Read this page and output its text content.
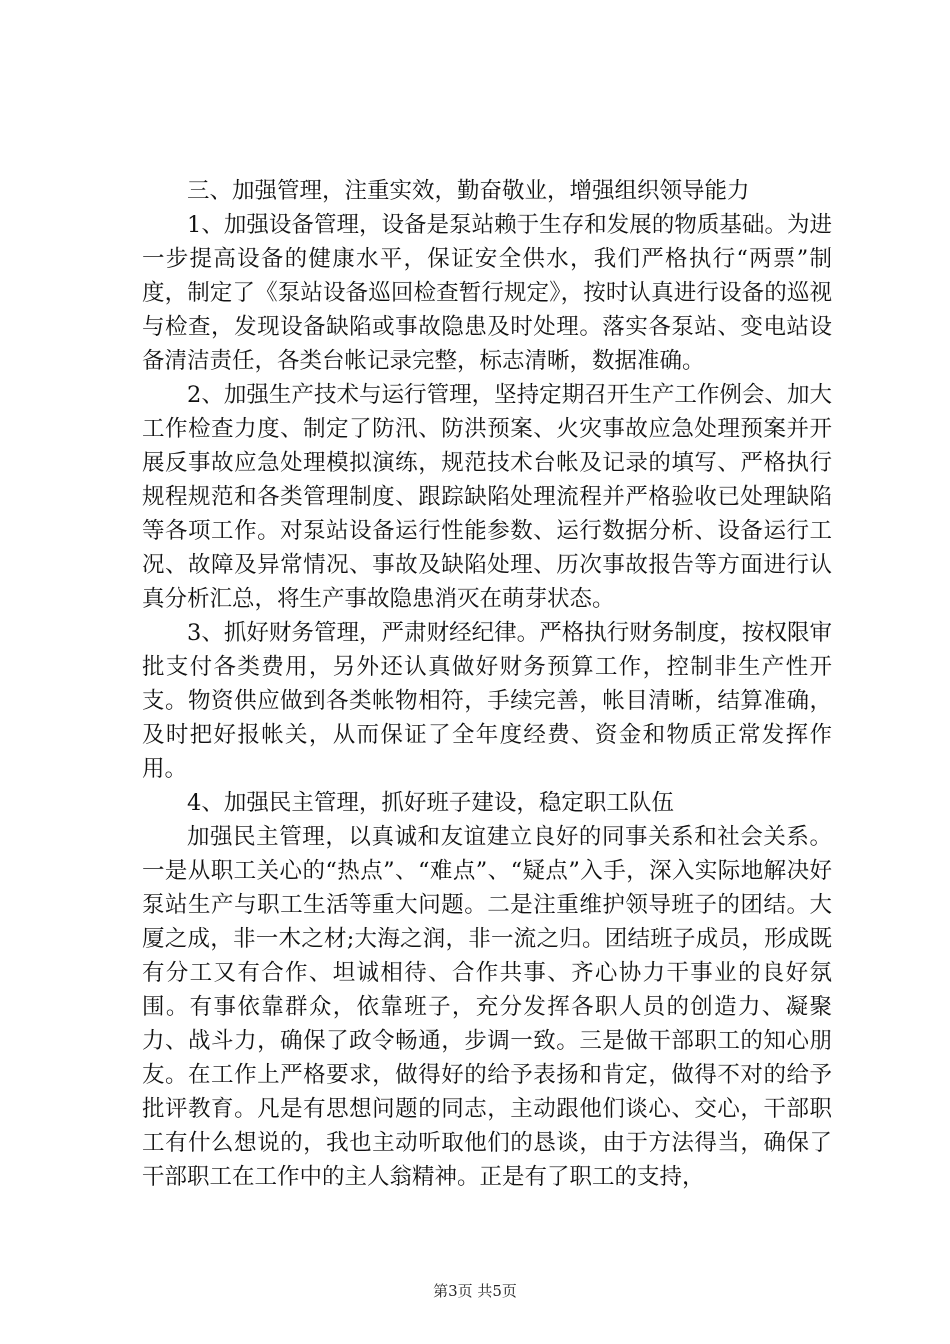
三、加强管理，注重实效，勤奋敬业，增强组织领导能力

1、加强设备管理，设备是泵站赖于生存和发展的物质基础。为进一步提高设备的健康水平，保证安全供水，我们严格执行“两票”制度，制定了《泵站设备巡回检查暂行规定》，按时认真进行设备的巡视与检查，发现设备缺陷或事故隐患及时处理。落实各泵站、变电站设备清洁责任，各类台帐记录完整，标志清晰，数据准确。

2、加强生产技术与运行管理，坚持定期召开生产工作例会、加大工作检查力度、制定了防汛、防洪预案、火灾事故应急处理预案并开展反事故应急处理模拟演练，规范技术台帐及记录的填写、严格执行规程规范和各类管理制度、跟踪缺陷处理流程并严格验收已处理缺陷等各项工作。对泵站设备运行性能参数、运行数据分析、设备运行工况、故障及异常情况、事故及缺陷处理、历次事故报告等方面进行认真分析汇总，将生产事故隐患消灭在萌芽状态。

3、抓好财务管理，严肃财经纪律。严格执行财务制度，按权限审批支付各类费用，另外还认真做好财务预算工作，控制非生产性开支。物资供应做到各类帐物相符，手续完善，帐目清晰，结算准确，及时把好报帐关，从而保证了全年度经费、资金和物质正常发挥作用。

4、加强民主管理，抓好班子建设，稳定职工队伍

加强民主管理，以真诚和友谊建立良好的同事关系和社会关系。一是从职工关心的“热点”、“难点”、“疑点”入手，深入实际地解决好泵站生产与职工生活等重大问题。二是注重维护领导班子的团结。大厦之成，非一木之材;大海之润，非一流之归。团结班子成员，形成既有分工又有合作、坦诚相待、合作共事、齐心协力干事业的良好氛围。有事依靠群众，依靠班子，充分发挥各职人员的创造力、凝聚力、战斗力，确保了政令畅通，步调一致。三是做干部职工的知心朋友。在工作上严格要求，做得好的给予表扬和肯定，做得不对的给予批评教育。凡是有思想问题的同志，主动跟他们谈心、交心，干部职工有什么想说的，我也主动听取他们的恳谈，由于方法得当，确保了干部职工在工作中的主人翁精神。正是有了职工的支持，

第3页 共5页
